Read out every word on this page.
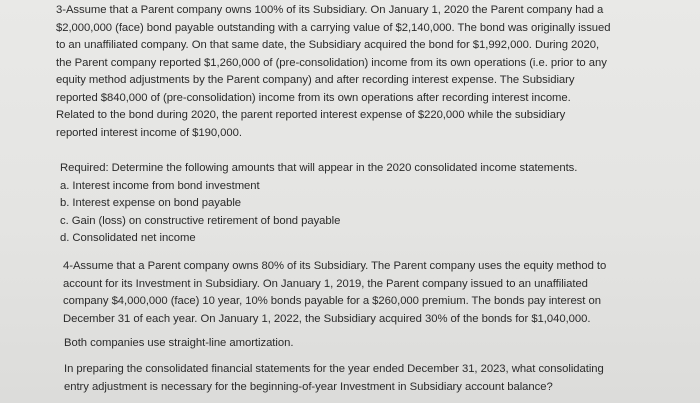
3-Assume that a Parent company owns 100% of its Subsidiary. On January 1, 2020 the Parent company had a
$2,000,000 (face) bond payable outstanding with a carrying value of $2,140,000. The bond was originally issued
to an unaffiliated company. On that same date, the Subsidiary acquired the bond for $1,992,000. During 2020,
the Parent company reported $1,260,000 of (pre-consolidation) income from its own operations (i.e. prior to any
equity method adjustments by the Parent company) and after recording interest expense. The Subsidiary
reported $840,000 of (pre-consolidation) income from its own operations after recording interest income.
Related to the bond during 2020, the parent reported interest expense of $220,000 while the subsidiary
reported interest income of $190,000.
Required: Determine the following amounts that will appear in the 2020 consolidated income statements.
a. Interest income from bond investment
b. Interest expense on bond payable
c. Gain (loss) on constructive retirement of bond payable
d. Consolidated net income
4-Assume that a Parent company owns 80% of its Subsidiary. The Parent company uses the equity method to
account for its Investment in Subsidiary. On January 1, 2019, the Parent company issued to an unaffiliated
company $4,000,000 (face) 10 year, 10% bonds payable for a $260,000 premium. The bonds pay interest on
December 31 of each year. On January 1, 2022, the Subsidiary acquired 30% of the bonds for $1,040,000.
Both companies use straight-line amortization.
In preparing the consolidated financial statements for the year ended December 31, 2023, what consolidating
entry adjustment is necessary for the beginning-of-year Investment in Subsidiary account balance?
